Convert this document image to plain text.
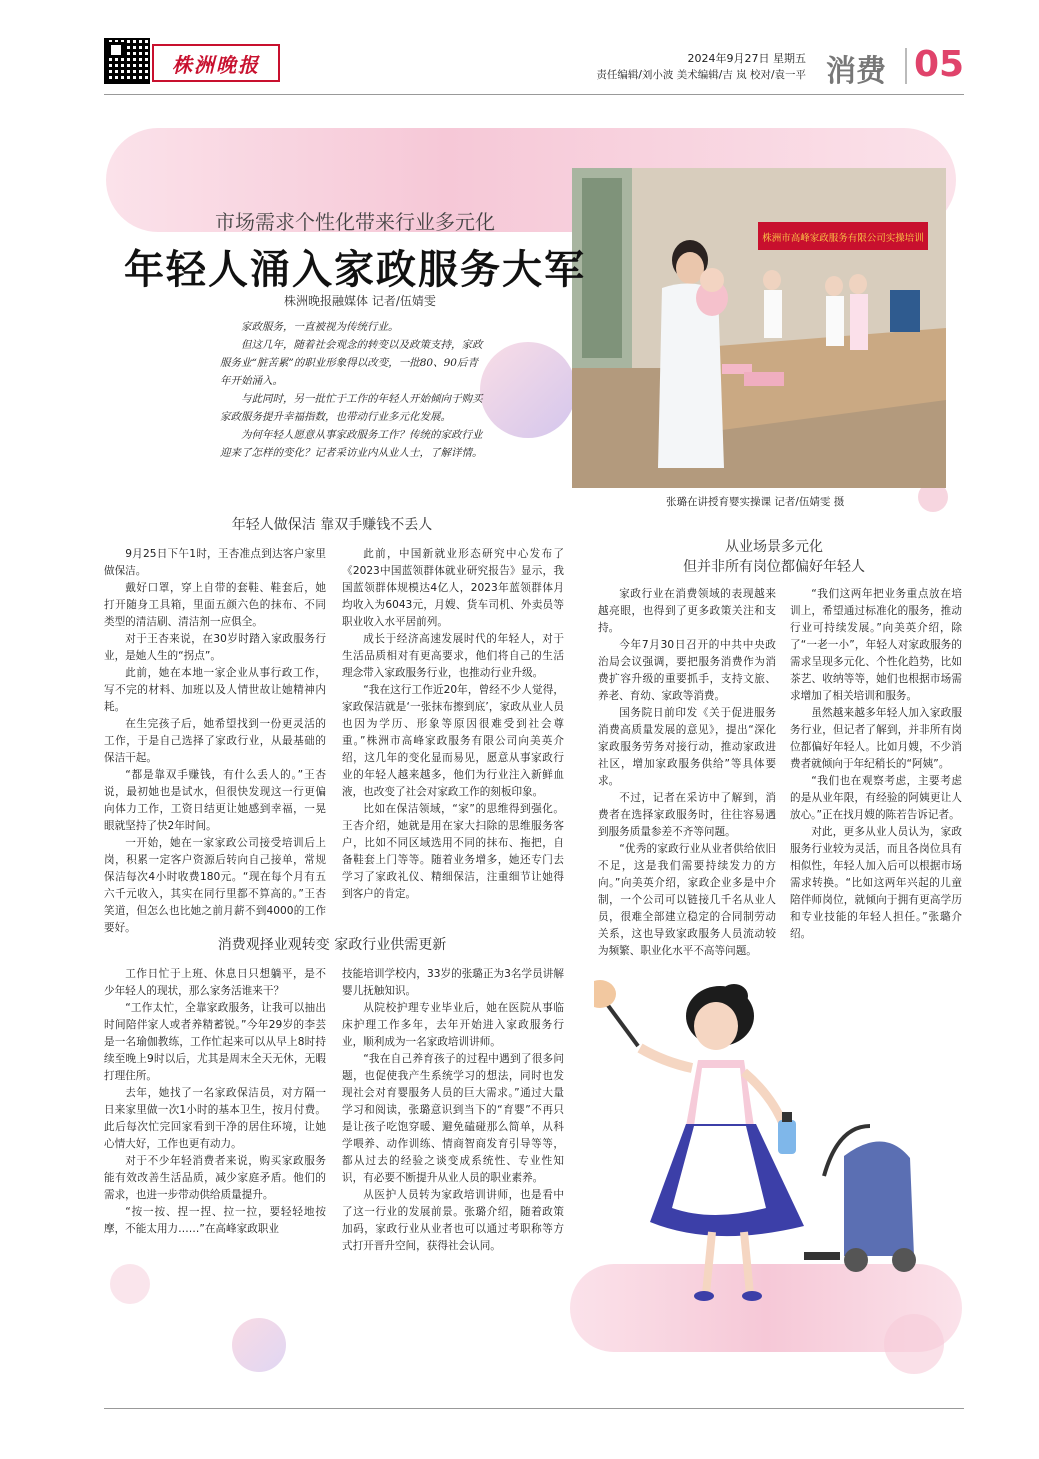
株洲晚报	2024年9月27日 星期五
责任编辑/刘小波 美术编辑/吉 岚 校对/袁一平 消费 05
株洲市高峰家政服务有限公司实操培训
市场需求个性化带来行业多元化
年轻人涌入家政服务大军
株洲晚报融媒体 记者/伍婧雯

家政服务，一直被视为传统行业。

但这几年，随着社会观念的转变以及政策支持，家政服务业“脏苦累”的职业形象得以改变，一批80、90后青年开始涌入。

与此同时，另一批忙于工作的年轻人开始倾向于购买家政服务提升幸福指数，也带动行业多元化发展。

为何年轻人愿意从事家政服务工作？传统的家政行业迎来了怎样的变化？记者采访业内从业人士，了解详情。

张璐在讲授育婴实操课 记者/伍婧雯 摄
年轻人做保洁 靠双手赚钱不丢人

9月25日下午1时，王杏准点到达客户家里做保洁。

戴好口罩，穿上自带的套鞋、鞋套后，她打开随身工具箱，里面五颜六色的抹布、不同类型的清洁刷、清洁剂一应俱全。

对于王杏来说，在30岁时踏入家政服务行业，是她人生的“拐点”。

此前，她在本地一家企业从事行政工作，写不完的材料、加班以及人情世故让她精神内耗。

在生完孩子后，她希望找到一份更灵活的工作，于是自己选择了家政行业，从最基础的保洁干起。

“都是靠双手赚钱，有什么丢人的。”王杏说，最初她也是试水，但很快发现这一行更偏向体力工作，工资日结更让她感到幸福，一晃眼就坚持了快2年时间。

一开始，她在一家家政公司接受培训后上岗，积累一定客户资源后转向自己接单，常规保洁每次4小时收费180元。“现在每个月有五六千元收入，其实在同行里都不算高的。”王杏笑道，但怎么也比她之前月薪不到4000的工作要好。

此前，中国新就业形态研究中心发布了《2023中国蓝领群体就业研究报告》显示，我国蓝领群体规模达4亿人，2023年蓝领群体月均收入为6043元，月嫂、货车司机、外卖员等职业收入水平居前列。

成长于经济高速发展时代的年轻人，对于生活品质相对有更高要求，他们将自己的生活理念带入家政服务行业，也推动行业升级。

“我在这行工作近20年，曾经不少人觉得，家政保洁就是‘一张抹布擦到底’，家政从业人员也因为学历、形象等原因很难受到社会尊重。”株洲市高峰家政服务有限公司向美英介绍，这几年的变化显而易见，愿意从事家政行业的年轻人越来越多，他们为行业注入新鲜血液，也改变了社会对家政工作的刻板印象。

比如在保洁领域，“家”的思维得到强化。王杏介绍，她就是用在家大扫除的思维服务客户，比如不同区域选用不同的抹布、拖把，自备鞋套上门等等。随着业务增多，她还专门去学习了家政礼仪、精细保洁，注重细节让她得到客户的肯定。

从业场景多元化
但并非所有岗位都偏好年轻人

家政行业在消费领域的表现越来越亮眼，也得到了更多政策关注和支持。

今年7月30日召开的中共中央政治局会议强调，要把服务消费作为消费扩容升级的重要抓手，支持文旅、养老、育幼、家政等消费。

国务院日前印发《关于促进服务消费高质量发展的意见》，提出“深化家政服务劳务对接行动，推动家政进社区，增加家政服务供给”等具体要求。

不过，记者在采访中了解到，消费者在选择家政服务时，往往容易遇到服务质量参差不齐等问题。

“优秀的家政行业从业者供给依旧不足，这是我们需要持续发力的方向。”向美英介绍，家政企业多是中介制，一个公司可以链接几千名从业人员，很难全部建立稳定的合同制劳动关系，这也导致家政服务人员流动较为频繁、职业化水平不高等问题。

“我们这两年把业务重点放在培训上，希望通过标准化的服务，推动行业可持续发展。”向美英介绍，除了“一老一小”，年轻人对家政服务的需求呈现多元化、个性化趋势，比如茶艺、收纳等等，她们也根据市场需求增加了相关培训和服务。

虽然越来越多年轻人加入家政服务行业，但记者了解到，并非所有岗位都偏好年轻人。比如月嫂，不少消费者就倾向于年纪稍长的“阿姨”。

“我们也在观察考虑，主要考虑的是从业年限，有经验的阿姨更让人放心。”正在找月嫂的陈若告诉记者。

对此，更多从业人员认为，家政服务行业较为灵活，而且各岗位具有相似性，年轻人加入后可以根据市场需求转换。“比如这两年兴起的儿童陪伴师岗位，就倾向于拥有更高学历和专业技能的年轻人担任。”张璐介绍。

消费观择业观转变 家政行业供需更新

工作日忙于上班、休息日只想躺平，是不少年轻人的现状，那么家务活谁来干？

“工作太忙，全靠家政服务，让我可以抽出时间陪伴家人或者养精蓄锐。”今年29岁的李芸是一名瑜伽教练，工作忙起来可以从早上8时持续至晚上9时以后，尤其是周末全天无休，无暇打理住所。

去年，她找了一名家政保洁员，对方隔一日来家里做一次1小时的基本卫生，按月付费。此后每次忙完回家看到干净的居住环境，让她心情大好，工作也更有动力。

对于不少年轻消费者来说，购买家政服务能有效改善生活品质，减少家庭矛盾。他们的需求，也进一步带动供给质量提升。

“按一按、捏一捏、拉一拉，要轻轻地按摩，不能太用力……”在高峰家政职业

技能培训学校内，33岁的张璐正为3名学员讲解婴儿抚触知识。

从院校护理专业毕业后，她在医院从事临床护理工作多年，去年开始进入家政服务行业，顺利成为一名家政培训讲师。

“我在自己养育孩子的过程中遇到了很多问题，也促使我产生系统学习的想法，同时也发现社会对育婴服务人员的巨大需求。”通过大量学习和阅读，张璐意识到当下的“育婴”不再只是让孩子吃饱穿暖、避免磕碰那么简单，从科学喂养、动作训练、情商智商发育引导等等，都从过去的经验之谈变成系统性、专业性知识，有必要不断提升从业人员的职业素养。

从医护人员转为家政培训讲师，也是看中了这一行业的发展前景。张璐介绍，随着政策加码，家政行业从业者也可以通过考职称等方式打开晋升空间，获得社会认同。
